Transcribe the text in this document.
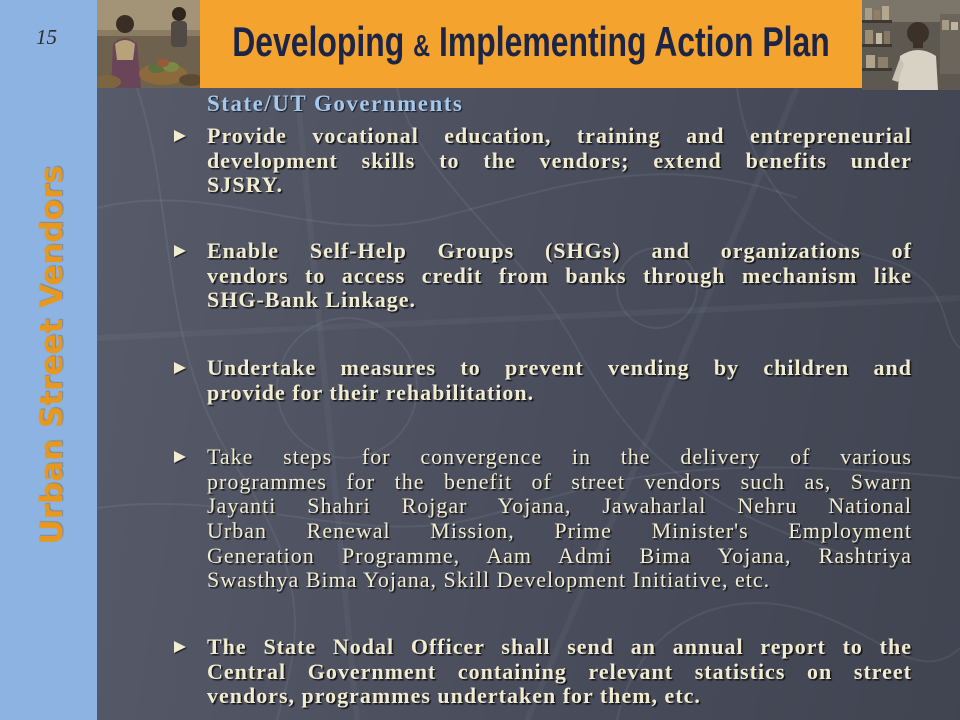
15
Urban Street Vendors
State/UT Governments
Provide vocational education, training and entrepreneurial
development skills to the vendors; extend benefits under
SJSRY.
Enable Self-Help Groups (SHGs) and organizations of
vendors to access credit from banks through mechanism like
SHG-Bank Linkage.
Undertake measures to prevent vending by children and
provide for their rehabilitation.
Take steps for convergence in the delivery of various
programmes for the benefit of street vendors such as, Swarn
Jayanti Shahri Rojgar Yojana, Jawaharlal Nehru National
Urban Renewal Mission, Prime Minister's Employment
Generation Programme, Aam Admi Bima Yojana, Rashtriya
Swasthya Bima Yojana, Skill Development Initiative, etc.
The State Nodal Officer shall send an annual report to the
Central Government containing relevant statistics on street
vendors, programmes undertaken for them, etc.
Developing & Implementing Action Plan
